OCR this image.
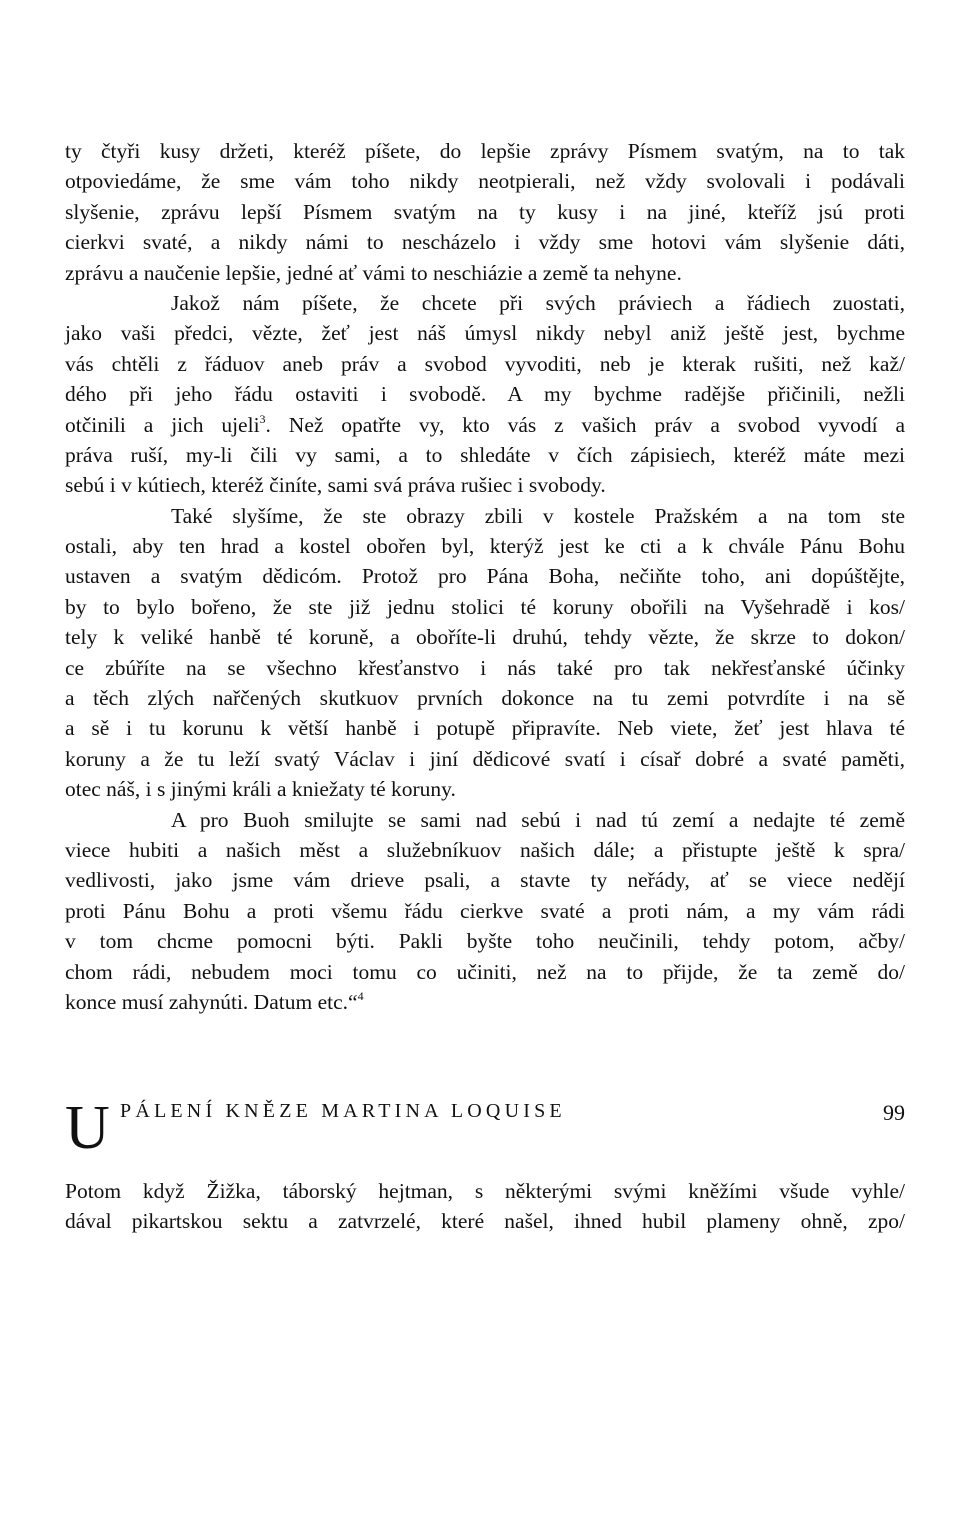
ty čtyři kusy držeti, kteréž píšete, do lepšie zprávy Písmem svatým, na to tak
otpoviedáme, že sme vám toho nikdy neotpierali, než vždy svolovali i podávali
slyšenie, zprávu lepší Písmem svatým na ty kusy i na jiné, kteříž jsú proti
cierkvi svaté, a nikdy námi to nescházelo i vždy sme hotovi vám slyšenie dáti,
zprávu a naučenie lepšie, jedné ať vámi to neschiázie a země ta nehyne.
Jakož nám píšete, že chcete při svých práviech a řádiech zuostati,
jako vaši předci, vězte, žeť jest náš úmysl nikdy nebyl aniž ještě jest, bychme
vás chtěli z řáduov aneb práv a svobod vyvoditi, neb je kterak rušiti, než kaž/
dého při jeho řádu ostaviti i svobodě. A my bychme radějše přičinili, nežli
otčinili a jich ujeli$^3$. Než opatřte vy, kto vás z vašich práv a svobod vyvodí a
práva ruší, my-li čili vy sami, a to shledáte v čích zápisiech, kteréž máte mezi
sebú i v kútiech, kteréž činíte, sami svá práva rušiec i svobody.
Také slyšíme, že ste obrazy zbili v kostele Pražském a na tom ste
ostali, aby ten hrad a kostel obořen byl, kterýž jest ke cti a k chvále Pánu Bohu
ustaven a svatým dědicóm. Protož pro Pána Boha, nečiňte toho, ani dopúštějte,
by to bylo bořeno, že ste již jednu stolici té koruny obořili na Vyšehradě i kos/
tely k veliké hanbě té koruně, a oboříte-li druhú, tehdy vězte, že skrze to dokon/
ce zbúříte na se všechno křesťanstvo i nás také pro tak nekřesťanské účinky
a těch zlých nařčených skutkuov prvních dokonce na tu zemi potvrdíte i na sě
a sě i tu korunu k větší hanbě i potupě připravíte. Neb viete, žeť jest hlava té
koruny a že tu leží svatý Václav i jiní dědicové svatí i císař dobré a svaté paměti,
otec náš, i s jinými králi a kniežaty té koruny.
A pro Buoh smilujte se sami nad sebú i nad tú zemí a nedajte té země
viece hubiti a našich měst a služebníkuov našich dále; a přistupte ještě k spra/
vedlivosti, jako jsme vám drieve psali, a stavte ty neřády, ať se viece nedějí
proti Pánu Bohu a proti všemu řádu cierkve svaté a proti nám, a my vám rádi
v tom chcme pomocni býti. Pakli byšte toho neučinili, tehdy potom, ačby/
chom rádi, nebudem moci tomu co učiniti, než na to přijde, že ta země do/
konce musí zahynúti. Datum etc.“$^4$
U PÁLENÍ KNĚZE MARTINA LOQUISE	99
Potom když Žižka, táborský hejtman, s některými svými kněžími všude vyhle/
dával pikartskou sektu a zatvrzelé, které našel, ihned hubil plameny ohně, zpo/
